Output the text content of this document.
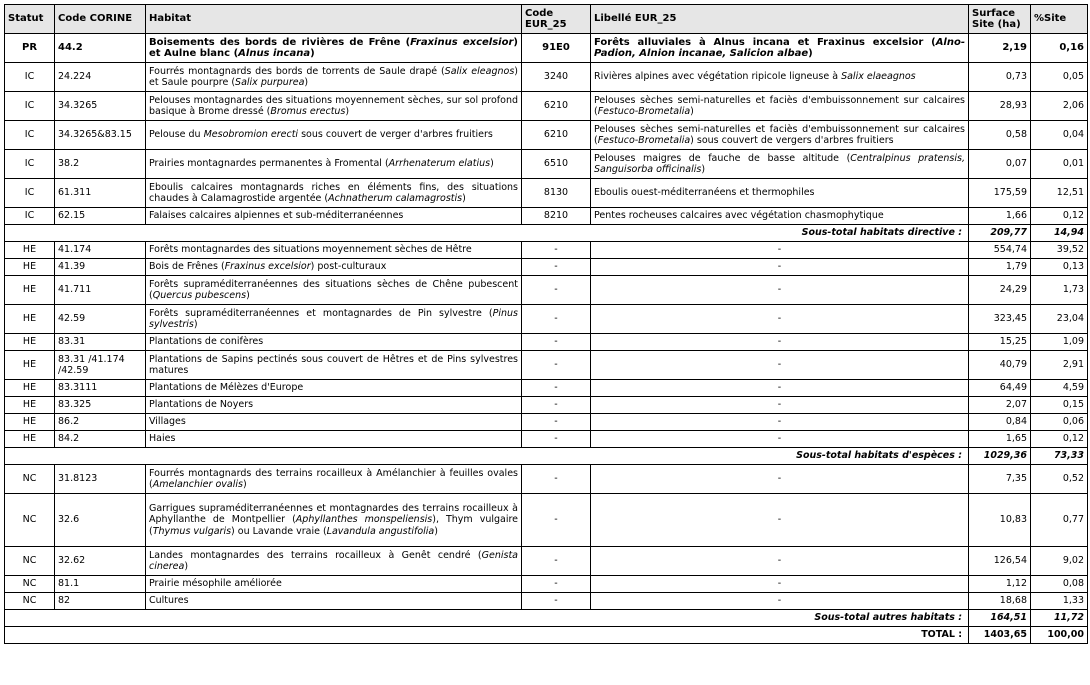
Statut	Code CORINE	Habitat	Code EUR_25	Libellé EUR_25	Surface Site (ha)	%Site
PR	44.2	Boisements des bords de rivières de Frêne (Fraxinus excelsior) et Aulne blanc (Alnus incana)	91E0	Forêts alluviales à Alnus incana et Fraxinus excelsior (Alno-Padion, Alnion incanae, Salicion albae)	2,19	0,16
IC	24.224	Fourrés montagnards des bords de torrents de Saule drapé (Salix eleagnos) et Saule pourpre (Salix purpurea)	3240	Rivières alpines avec végétation ripicole ligneuse à Salix elaeagnos	0,73	0,05
IC	34.3265	Pelouses montagnardes des situations moyennement sèches, sur sol profond basique à Brome dressé (Bromus erectus)	6210	Pelouses sèches semi-naturelles et faciès d'embuissonnement sur calcaires (Festuco-Brometalia)	28,93	2,06
IC	34.3265&83.15	Pelouse du Mesobromion erecti sous couvert de verger d'arbres fruitiers	6210	Pelouses sèches semi-naturelles et faciès d'embuissonnement sur calcaires (Festuco-Brometalia) sous couvert de vergers d'arbres fruitiers	0,58	0,04
IC	38.2	Prairies montagnardes permanentes à Fromental (Arrhenaterum elatius)	6510	Pelouses maigres de fauche de basse altitude (Centralpinus pratensis, Sanguisorba officinalis)	0,07	0,01
IC	61.311	Eboulis calcaires montagnards riches en éléments fins, des situations chaudes à Calamagrostide argentée (Achnatherum calamagrostis)	8130	Eboulis ouest-méditerranéens et thermophiles	175,59	12,51
IC	62.15	Falaises calcaires alpiennes et sub-méditerranéennes	8210	Pentes rocheuses calcaires avec végétation chasmophytique	1,66	0,12
Sous-total habitats directive :					209,77	14,94
HE	41.174	Forêts montagnardes des situations moyennement sèches de Hêtre	-	-	554,74	39,52
HE	41.39	Bois de Frênes (Fraxinus excelsior) post-culturaux	-	-	1,79	0,13
HE	41.711	Forêts supraméditerranéennes des situations sèches de Chêne pubescent (Quercus pubescens)	-	-	24,29	1,73
HE	42.59	Forêts supraméditerranéennes et montagnardes de Pin sylvestre (Pinus sylvestris)	-	-	323,45	23,04
HE	83.31	Plantations de conifères	-	-	15,25	1,09
HE	83.31 /41.174 /42.59	Plantations de Sapins pectinés sous couvert de Hêtres et de Pins sylvestres matures	-	-	40,79	2,91
HE	83.3111	Plantations de Mélèzes d'Europe	-	-	64,49	4,59
HE	83.325	Plantations de Noyers	-	-	2,07	0,15
HE	86.2	Villages	-	-	0,84	0,06
HE	84.2	Haies	-	-	1,65	0,12
Sous-total habitats d'espèces :					1029,36	73,33
NC	31.8123	Fourrés montagnards des terrains rocailleux à Amélanchier à feuilles ovales (Amelanchier ovalis)	-	-	7,35	0,52
NC	32.6	Garrigues supraméditerranéennes et montagnardes des terrains rocailleux à Aphyllanthe de Montpellier (Aphyllanthes monspeliensis), Thym vulgaire (Thymus vulgaris) ou Lavande vraie (Lavandula angustifolia)	-	-	10,83	0,77
NC	32.62	Landes montagnardes des terrains rocailleux à Genêt cendré (Genista cinerea)	-	-	126,54	9,02
NC	81.1	Prairie mésophile améliorée	-	-	1,12	0,08
NC	82	Cultures	-	-	18,68	1,33
Sous-total autres habitats :					164,51	11,72
TOTAL :					1403,65	100,00
